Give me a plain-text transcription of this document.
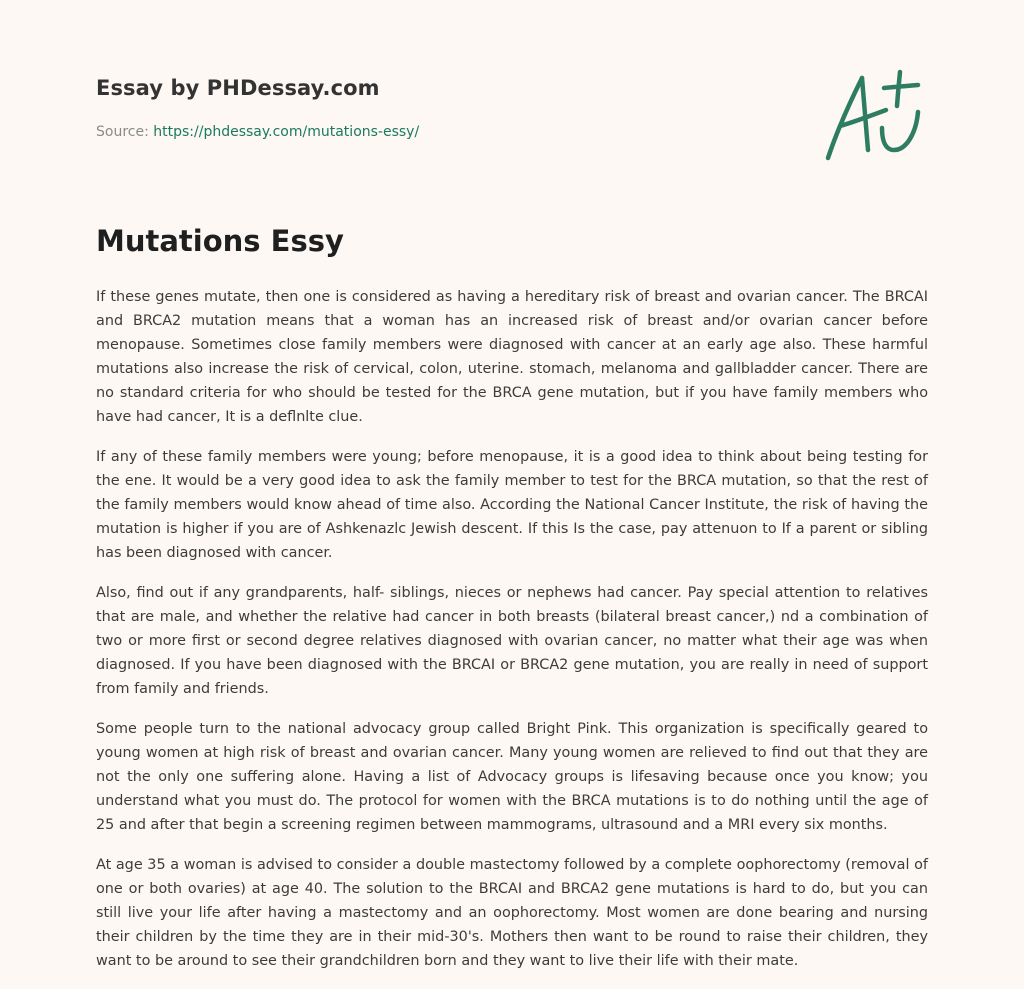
Essay by PHDessay.com
Source: https://phdessay.com/mutations-essy/
Mutations Essy

If these genes mutate, then one is considered as having a hereditary risk of breast and ovarian cancer. The BRCAI and BRCA2 mutation means that a woman has an increased risk of breast and/or ovarian cancer before menopause. Sometimes close family members were diagnosed with cancer at an early age also. These harmful mutations also increase the risk of cervical, colon, uterine. stomach, melanoma and gallbladder cancer. There are no standard criteria for who should be tested for the BRCA gene mutation, but if you have family members who have had cancer, It is a deflnlte clue.

If any of these family members were young; before menopause, it is a good idea to think about being testing for the ene. It would be a very good idea to ask the family member to test for the BRCA mutation, so that the rest of the family members would know ahead of time also. According the National Cancer Institute, the risk of having the mutation is higher if you are of Ashkenazlc Jewish descent. If this Is the case, pay attenuon to If a parent or sibling has been diagnosed with cancer.

Also, find out if any grandparents, half- siblings, nieces or nephews had cancer. Pay special attention to relatives that are male, and whether the relative had cancer in both breasts (bilateral breast cancer,) nd a combination of two or more first or second degree relatives diagnosed with ovarian cancer, no matter what their age was when diagnosed. If you have been diagnosed with the BRCAI or BRCA2 gene mutation, you are really in need of support from family and friends.

Some people turn to the national advocacy group called Bright Pink. This organization is specifically geared to young women at high risk of breast and ovarian cancer. Many young women are relieved to find out that they are not the only one suffering alone. Having a list of Advocacy groups is lifesaving because once you know; you understand what you must do. The protocol for women with the BRCA mutations is to do nothing until the age of 25 and after that begin a screening regimen between mammograms, ultrasound and a MRI every six months.

At age 35 a woman is advised to consider a double mastectomy followed by a complete oophorectomy (removal of one or both ovaries) at age 40. The solution to the BRCAI and BRCA2 gene mutations is hard to do, but you can still live your life after having a mastectomy and an oophorectomy. Most women are done bearing and nursing their children by the time they are in their mid-30's. Mothers then want to be round to raise their children, they want to be around to see their grandchildren born and they want to live their life with their mate.
